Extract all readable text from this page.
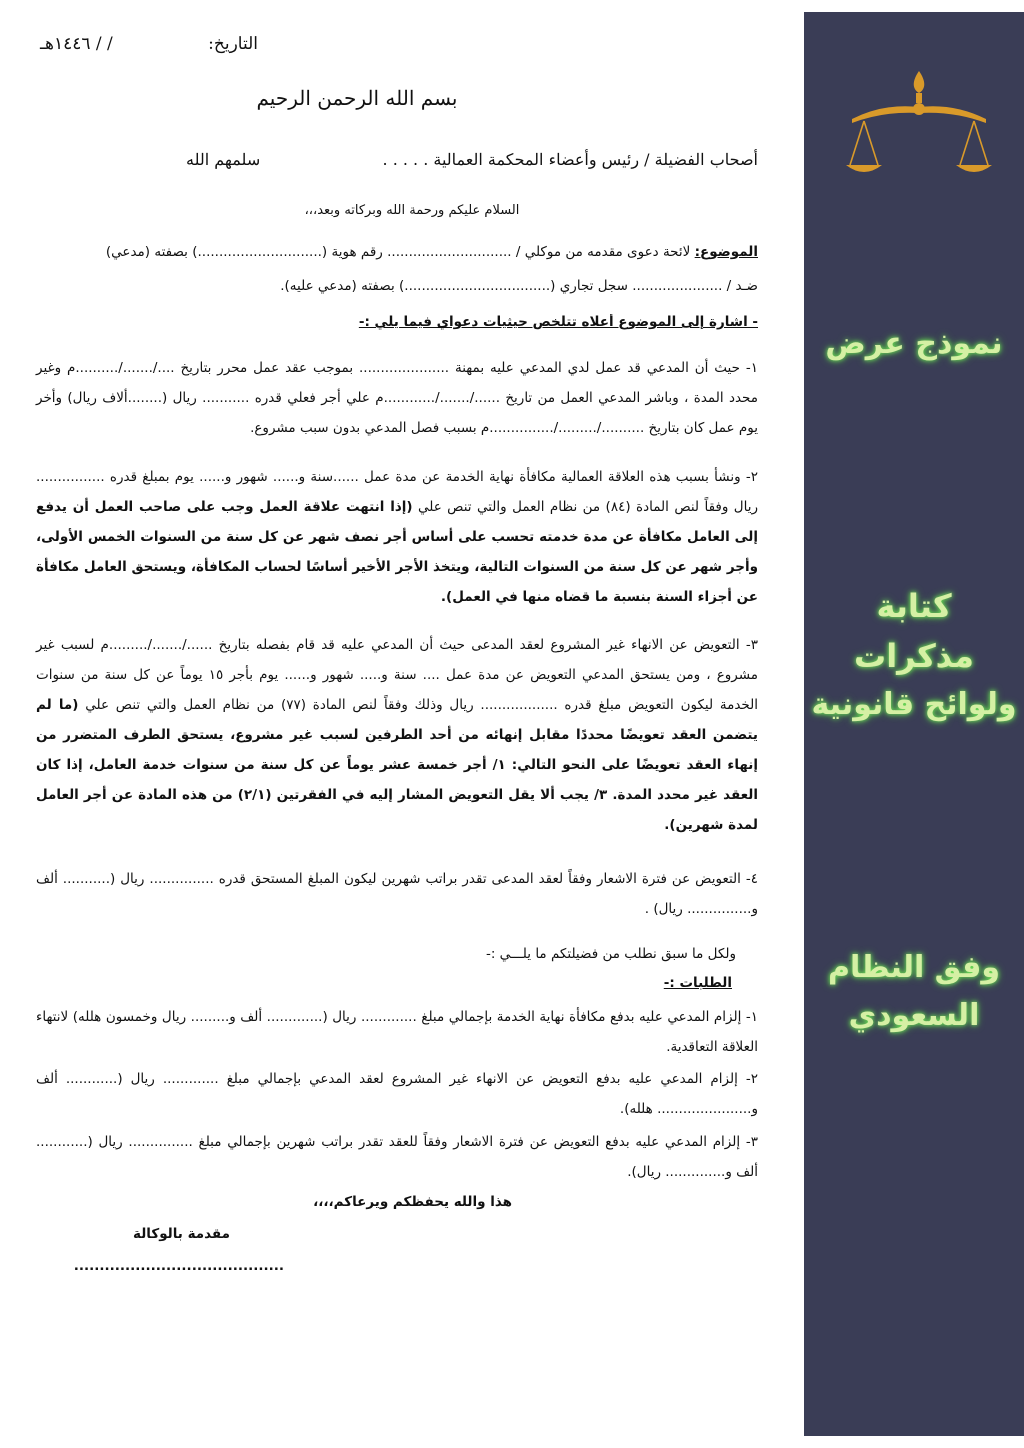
التاريخ:
/ / ١٤٤٦هـ
بسم الله الرحمن الرحيم
أصحاب الفضيلة / رئيس وأعضاء المحكمة العمالية . . . . .
سلمهم الله
السلام عليكم ورحمة الله وبركاته وبعد،،،
الموضوع: لائحة دعوى مقدمه من موكلي / ............................. رقم هوية (.............................) بصفته (مدعي)
ضـد / ..................... سجل تجاري (..................................) بصفته (مدعي عليه).
- اشارة إلى الموضوع أعلاه تتلخص حيثيات دعواي فيما يلي :-
١- حيث أن المدعي قد عمل لدي المدعي عليه بمهنة ..................... بموجب عقد عمل محرر بتاريخ ..../......./..........م وغير محدد المدة ، وباشر المدعي العمل من تاريخ ....../......./............م علي أجر فعلي قدره ........... ريال (........ألاف ريال) وأخر يوم عمل كان بتاريخ ........../........./...............م بسبب فصل المدعي بدون سبب مشروع.
٢- ونشأ بسبب هذه العلاقة العمالية مكافأة نهاية الخدمة عن مدة عمل ......سنة و...... شهور و...... يوم بمبلغ قدره ................ ريال وفقاً لنص المادة (٨٤) من نظام العمل والتي تنص علي (إذا انتهت علاقة العمل وجب على صاحب العمل أن يدفع إلى العامل مكافأة عن مدة خدمته تحسب على أساس أجر نصف شهر عن كل سنة من السنوات الخمس الأولى، وأجر شهر عن كل سنة من السنوات التالية، ويتخذ الأجر الأخير أساسًا لحساب المكافأة، ويستحق العامل مكافأة عن أجزاء السنة بنسبة ما قضاه منها في العمل).
٣- التعويض عن الانهاء غير المشروع لعقد المدعى حيث أن المدعي عليه قد قام بفصله بتاريخ ....../......./.........م لسبب غير مشروع ، ومن يستحق المدعي التعويض عن مدة عمل .... سنة و..... شهور و...... يوم بأجر ١٥ يوماً عن كل سنة من سنوات الخدمة ليكون التعويض مبلغ قدره .................. ريال وذلك وفقاً لنص المادة (٧٧) من نظام العمل والتي تنص علي (ما لم يتضمن العقد تعويضًا محددًا مقابل إنهائه من أحد الطرفين لسبب غير مشروع، يستحق الطرف المتضرر من إنهاء العقد تعويضًا على النحو التالي: ١/ أجر خمسة عشر يوماً عن كل سنة من سنوات خدمة العامل، إذا كان العقد غير محدد المدة. ٣/ يجب ألا يقل التعويض المشار إليه في الفقرتين (٢/١) من هذه المادة عن أجر العامل لمدة شهرين).
٤- التعويض عن فترة الاشعار وفقاً لعقد المدعى تقدر براتب شهرين ليكون المبلغ المستحق قدره ............... ريال (........... ألف و............... ريال) .
ولكل ما سبق نطلب من فضيلتكم ما يلـــي :-
الطلبات :-
١- إلزام المدعي عليه بدفع مكافأة نهاية الخدمة بإجمالي مبلغ ............. ريال (............. ألف و......... ريال وخمسون هلله) لانتهاء العلاقة التعاقدية.
٢- إلزام المدعي عليه بدفع التعويض عن الانهاء غير المشروع لعقد المدعي بإجمالي مبلغ ............. ريال (............ ألف و...................... هلله).
٣- إلزام المدعي عليه بدفع التعويض عن فترة الاشعار وفقاً للعقد تقدر براتب شهرين بإجمالي مبلغ ............... ريال (............ ألف و.............. ريال).
هذا والله يحفظكم ويرعاكم،،،،
مقدمة بالوكالة
.........................................
نموذج عرض
كتابة
مذكرات
ولوائح قانونية
وفق النظام
السعودي
